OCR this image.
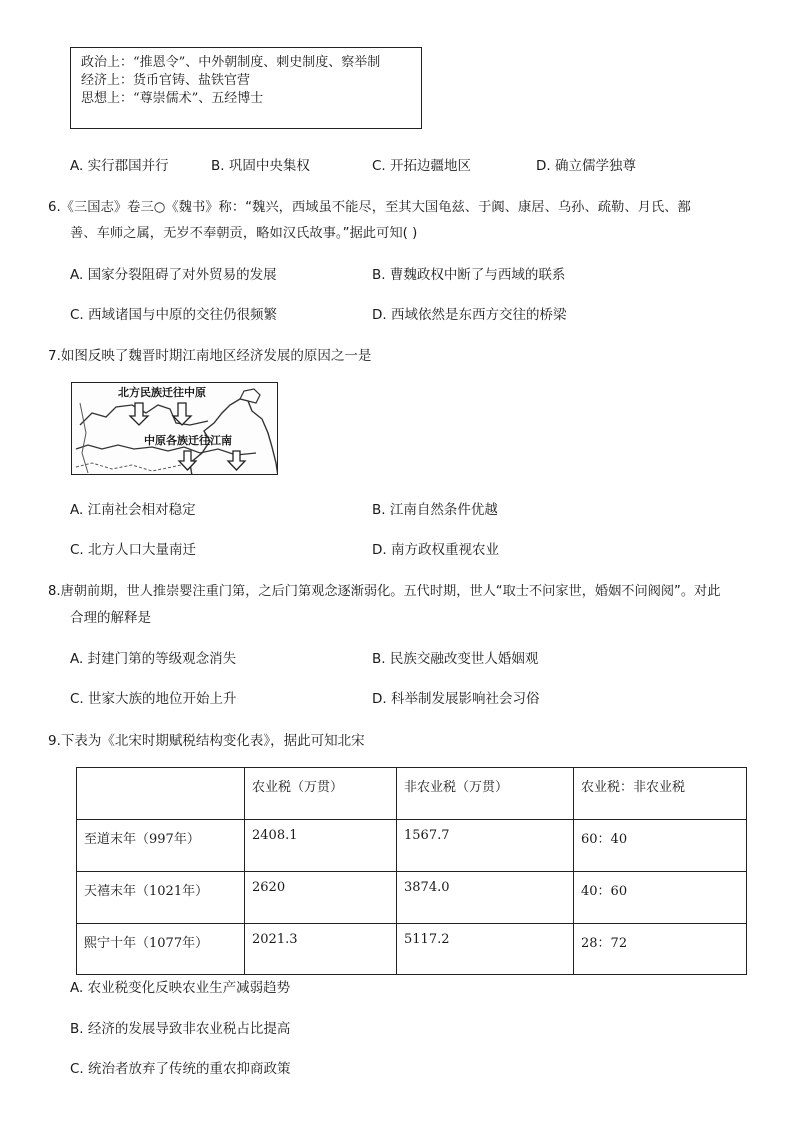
政治上：“推恩令”、中外朝制度、刺史制度、察举制
经济上：货币官铸、盐铁官营
思想上：“尊崇儒术”、五经博士
A. 实行郡国并行	B. 巩固中央集权	C. 开拓边疆地区	D. 确立儒学独尊
6.《三国志》卷三○《魏书》称：“魏兴，西域虽不能尽，至其大国龟兹、于阗、康居、乌孙、疏勒、月氏、鄯
善、车师之属，无岁不奉朝贡，略如汉氏故事。”据此可知( )
A. 国家分裂阻碍了对外贸易的发展	B. 曹魏政权中断了与西域的联系
C. 西域诸国与中原的交往仍很频繁	D. 西域依然是东西方交往的桥梁
7.如图反映了魏晋时期江南地区经济发展的原因之一是
北方民族迁往中原
中原各族迁往江南
A. 江南社会相对稳定	B. 江南自然条件优越
C. 北方人口大量南迁	D. 南方政权重视农业
8.唐朝前期，世人推崇婴注重门第，之后门第观念逐渐弱化。五代时期，世人“取士不问家世，婚姻不问阀阅”。对此
合理的解释是
A. 封建门第的等级观念消失	B. 民族交融改变世人婚姻观
C. 世家大族的地位开始上升	D. 科举制发展影响社会习俗
9.下表为《北宋时期赋税结构变化表》，据此可知北宋
	农业税（万贯）	非农业税（万贯）	农业税：非农业税
至道末年（997年）	2408.1	1567.7	60：40
天禧末年（1021年）	2620	3874.0	40：60
熙宁十年（1077年）	2021.3	5117.2	28：72
A. 农业税变化反映农业生产减弱趋势
B. 经济的发展导致非农业税占比提高
C. 统治者放弃了传统的重农抑商政策
